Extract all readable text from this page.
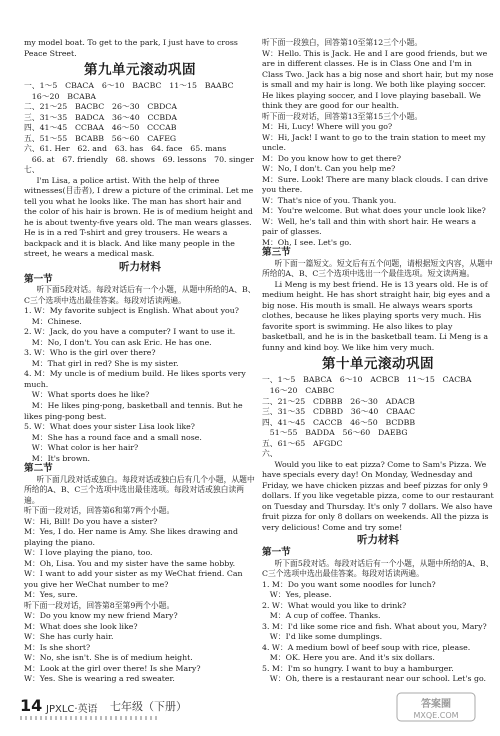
my model boat. To get to the park, I just have to cross

Peace Street.

第九单元滚动巩固

一、1～5　CBACA　6～10　BACBC　11～15　BAABC

　16～20　BCABA

二、21～25　BACBC　26～30　CBDCA

三、31～35　BADCA　36～40　CCBDA

四、41～45　CCBAA　46～50　CCCAB

五、51～55　BCABB　56～60　CAFEG

六、61. Her　62. and　63. has　64. face　65. mans

　66. at　67. friendly　68. shows　69. lessons　70. singer

七、

I'm Lisa, a police artist. With the help of three witnesses(目击者), I drew a picture of the criminal. Let me tell you what he looks like. The man has short hair and the color of his hair is brown. He is of medium height and he is about twenty-five years old. The man wears glasses. He is in a red T-shirt and grey trousers. He wears a backpack and it is black. And like many people in the street, he wears a medical mask.

听力材料

第一节

听下面5段对话。每段对话后有一个小题，从题中所给的A、B、C三个选项中选出最佳答案。每段对话读两遍。

1. W：My favorite subject is English. What about you?

　M：Chinese.

2. W：Jack, do you have a computer? I want to use it.

　M：No, I don't. You can ask Eric. He has one.

3. W：Who is the girl over there?

　M：That girl in red? She is my sister.

4. M：My uncle is of medium build. He likes sports very much.

　W：What sports does he like?

　M：He likes ping-pong, basketball and tennis. But he likes ping-pong best.

5. W：What does your sister Lisa look like?

　M：She has a round face and a small nose.

　W：What color is her hair?

　M：It's brown.

第二节

听下面几段对话或独白。每段对话或独白后有几个小题，从题中所给的A、B、C三个选项中选出最佳选项。每段对话或独白读两遍。

听下面一段对话，回答第6和第7两个小题。

W：Hi, Bill! Do you have a sister?

M：Yes, I do. Her name is Amy. She likes drawing and playing the piano.

W：I love playing the piano, too.

M：Oh, Lisa. You and my sister have the same hobby.

W：I want to add your sister as my WeChat friend. Can you give her WeChat number to me?

M：Yes, sure.

听下面一段对话，回答第8至第9两个小题。

W：Do you know my new friend Mary?

M：What does she look like?

W：She has curly hair.

M：Is she short?

W：No, she isn't. She is of medium height.

M：Look at the girl over there! Is she Mary?

W：Yes. She is wearing a red sweater.

听下面一段独白，回答第10至第12三个小题。

W：Hello. This is Jack. He and I are good friends, but we are in different classes. He is in Class One and I'm in Class Two. Jack has a big nose and short hair, but my nose is small and my hair is long. We both like playing soccer. He likes playing soccer, and I love playing baseball. We think they are good for our health.

听下面一段对话，回答第13至第15三个小题。

M：Hi, Lucy! Where will you go?

W：Hi, Jack! I want to go to the train station to meet my uncle.

M：Do you know how to get there?

W：No, I don't. Can you help me?

M：Sure. Look! There are many black clouds. I can drive you there.

W：That's nice of you. Thank you.

M：You're welcome. But what does your uncle look like?

W：Well, he's tall and thin with short hair. He wears a pair of glasses.

M：Oh, I see. Let's go.

第三节

听下面一篇短文。短文后有五个问题，请根据短文内容，从题中所给的A、B、C三个选项中选出一个最佳选项。短文读两遍。

Li Meng is my best friend. He is 13 years old. He is of medium height. He has short straight hair, big eyes and a big nose. His mouth is small. He always wears sports clothes, because he likes playing sports very much. His favorite sport is swimming. He also likes to play basketball, and he is in the basketball team. Li Meng is a funny and kind boy. We like him very much.

第十单元滚动巩固

一、1～5　BABCA　6～10　ACBCB　11～15　CACBA

　16～20　CABBC

二、21～25　CDBBB　26～30　ADACB

三、31～35　CDBBD　36～40　CBAAC

四、41～45　CACCB　46～50　BCDBB

　51～55　BADDA　56～60　DAEBG

五、61～65　AFGDC

六、

Would you like to eat pizza? Come to Sam's Pizza. We have specials every day! On Monday, Wednesday and Friday, we have chicken pizzas and beef pizzas for only 9 dollars. If you like vegetable pizza, come to our restaurant on Tuesday and Thursday. It's only 7 dollars. We also have fruit pizza for only 8 dollars on weekends. All the pizza is very delicious! Come and try some!

听力材料

第一节

听下面5段对话。每段对话后有一个小题，从题中所给的A、B、C三个选项中选出最佳答案。每段对话读两遍。

1. M：Do you want some noodles for lunch?

　W：Yes, please.

2. W：What would you like to drink?

　M：A cup of coffee. Thanks.

3. M：I'd like some rice and fish. What about you, Mary?

　W：I'd like some dumplings.

4. W：A medium bowl of beef soup with rice, please.

　M：OK. Here you are. And it's six dollars.

5. M：I'm so hungry. I want to buy a hamburger.

　W：Oh, there is a restaurant near our school. Let's go.

14 JPXLC·英语 七年级（下册）	答案圈
MXQE.COM
